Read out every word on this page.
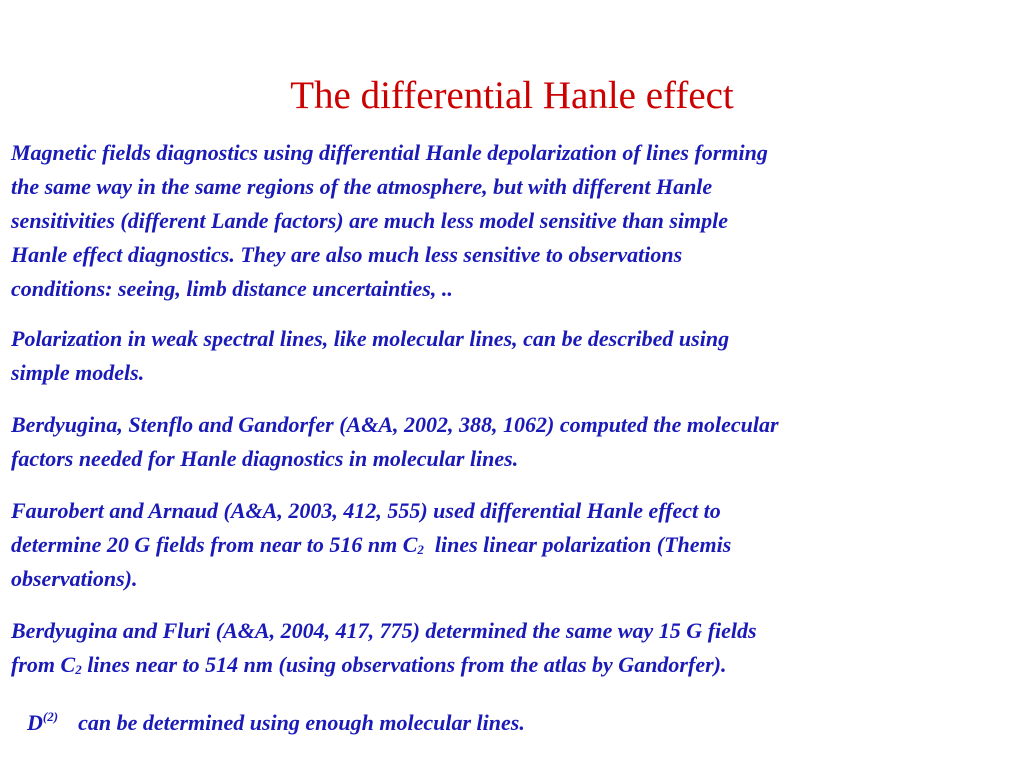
The differential Hanle effect
Magnetic fields diagnostics using differential Hanle depolarization of lines forming
the same way in the same regions of the atmosphere, but with different Hanle
sensitivities (different Lande factors) are much less model sensitive than simple
Hanle effect diagnostics. They are also much less sensitive to observations
conditions: seeing, limb distance uncertainties, ..
Polarization in weak spectral lines, like molecular lines, can be described using
simple models.
Berdyugina, Stenflo and Gandorfer (A&A, 2002, 388, 1062) computed the molecular
factors needed for Hanle diagnostics in molecular lines.
Faurobert and Arnaud (A&A, 2003, 412, 555) used differential Hanle effect to
determine 20 G fields from near to 516 nm C2  lines linear polarization (Themis
observations).
Berdyugina and Fluri (A&A, 2004, 417, 775) determined the same way 15 G fields
from C2 lines near to 514 nm (using observations from the atlas by Gandorfer).
$D^{(2)}$ can be determined using enough molecular lines.
